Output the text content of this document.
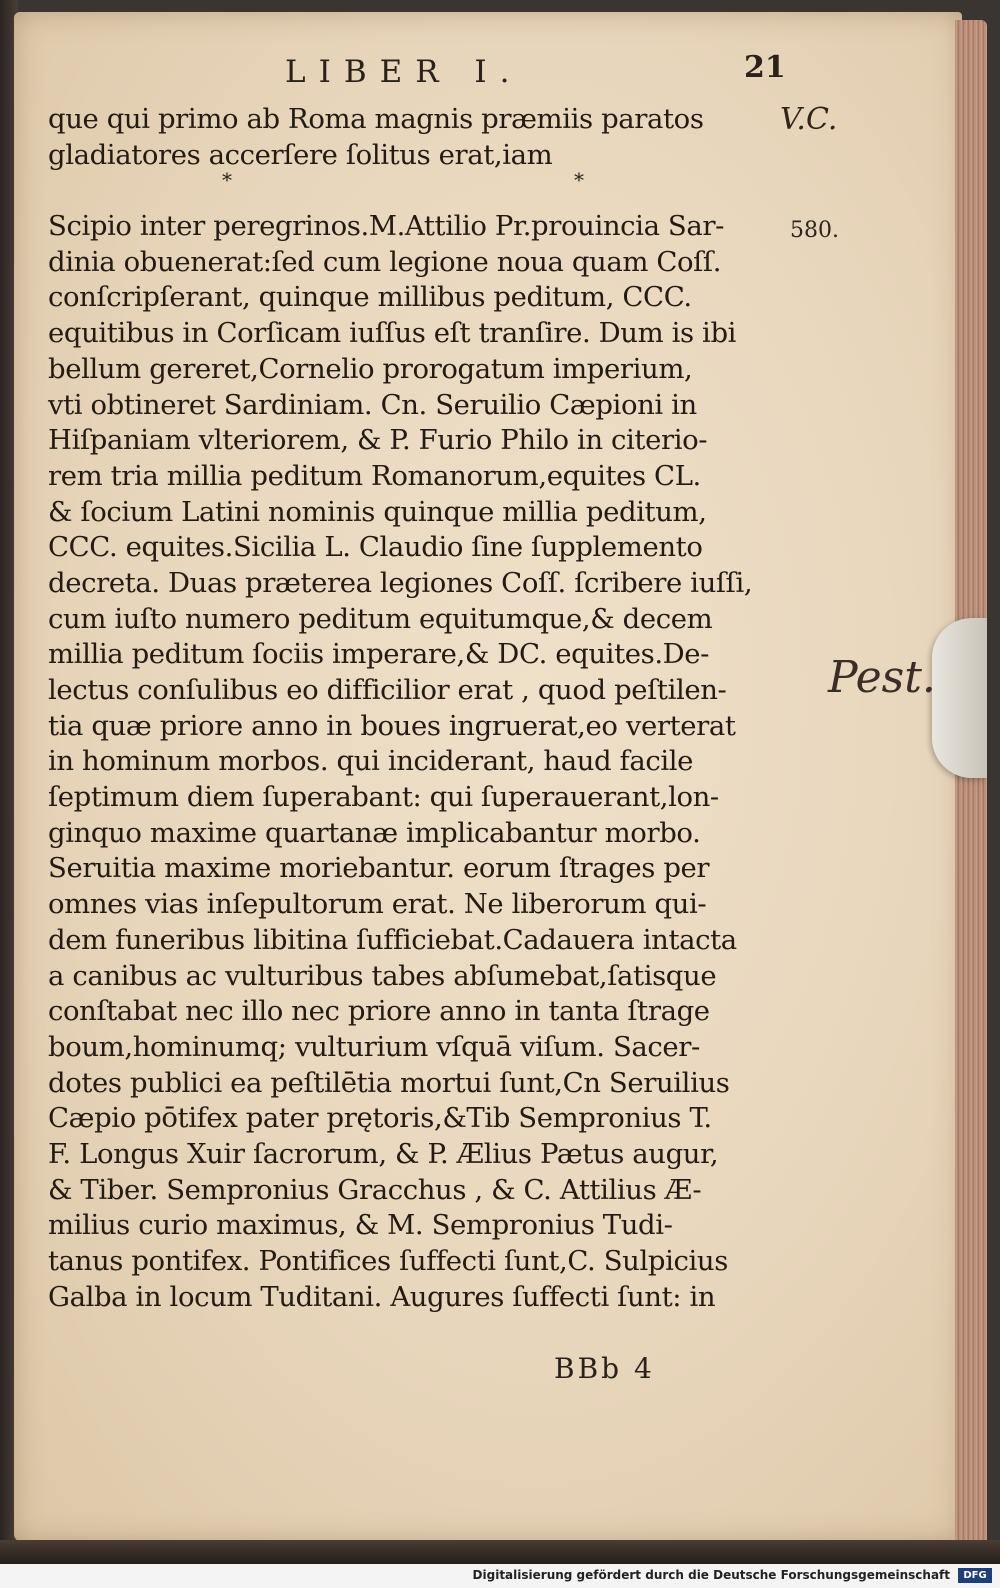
LIBER I.	21
V.C.
580.
Pest.
*	*
que qui primo ab Roma magnis præmiis paratos
gladiatores accerſere ſolitus erat,iam
Scipio inter peregrinos.M.Attilio Pr.prouincia Sar-
dinia obuenerat:ſed cum legione noua quam Coſſ.
conſcripſerant, quinque millibus peditum, CCC.
equitibus in Corſicam iuſſus eſt tranſire. Dum is ibi
bellum gereret,Cornelio prorogatum imperium,
vti obtineret Sardiniam. Cn. Seruilio Cæpioni in
Hiſpaniam vlteriorem, & P. Furio Philo in citerio-
rem tria millia peditum Romanorum,equites CL.
& ſocium Latini nominis quinque millia peditum,
CCC. equites.Sicilia L. Claudio ſine ſupplemento
decreta. Duas præterea legiones Coſſ. ſcribere iuſſi,
cum iuſto numero peditum equitumque,& decem
millia peditum ſociis imperare,& DC. equites.De-
lectus conſulibus eo difficilior erat , quod peſtilen-
tia quæ priore anno in boues ingruerat,eo verterat
in hominum morbos. qui inciderant, haud facile
ſeptimum diem ſuperabant: qui ſuperauerant,lon-
ginquo maxime quartanæ implicabantur morbo.
Seruitia maxime moriebantur. eorum ſtrages per
omnes vias inſepultorum erat. Ne liberorum qui-
dem funeribus libitina ſufficiebat.Cadauera intacta
a canibus ac vulturibus tabes abſumebat,ſatisque
conſtabat nec illo nec priore anno in tanta ſtrage
boum,hominumq; vulturium vſquā viſum. Sacer-
dotes publici ea peſtilētia mortui ſunt,Cn Seruilius
Cæpio pōtifex pater prętoris,&Tib Sempronius T.
F. Longus Xuir ſacrorum, & P. Ælius Pætus augur,
& Tiber. Sempronius Gracchus , & C. Attilius Æ-
milius curio maximus, & M. Sempronius Tudi-
tanus pontifex. Pontifices ſuffecti ſunt,C. Sulpicius
Galba in locum Tuditani. Augures ſuffecti ſunt: in
BBb 4
Digitalisierung gefördert durch die Deutsche Forschungsgemeinschaft	DFG
